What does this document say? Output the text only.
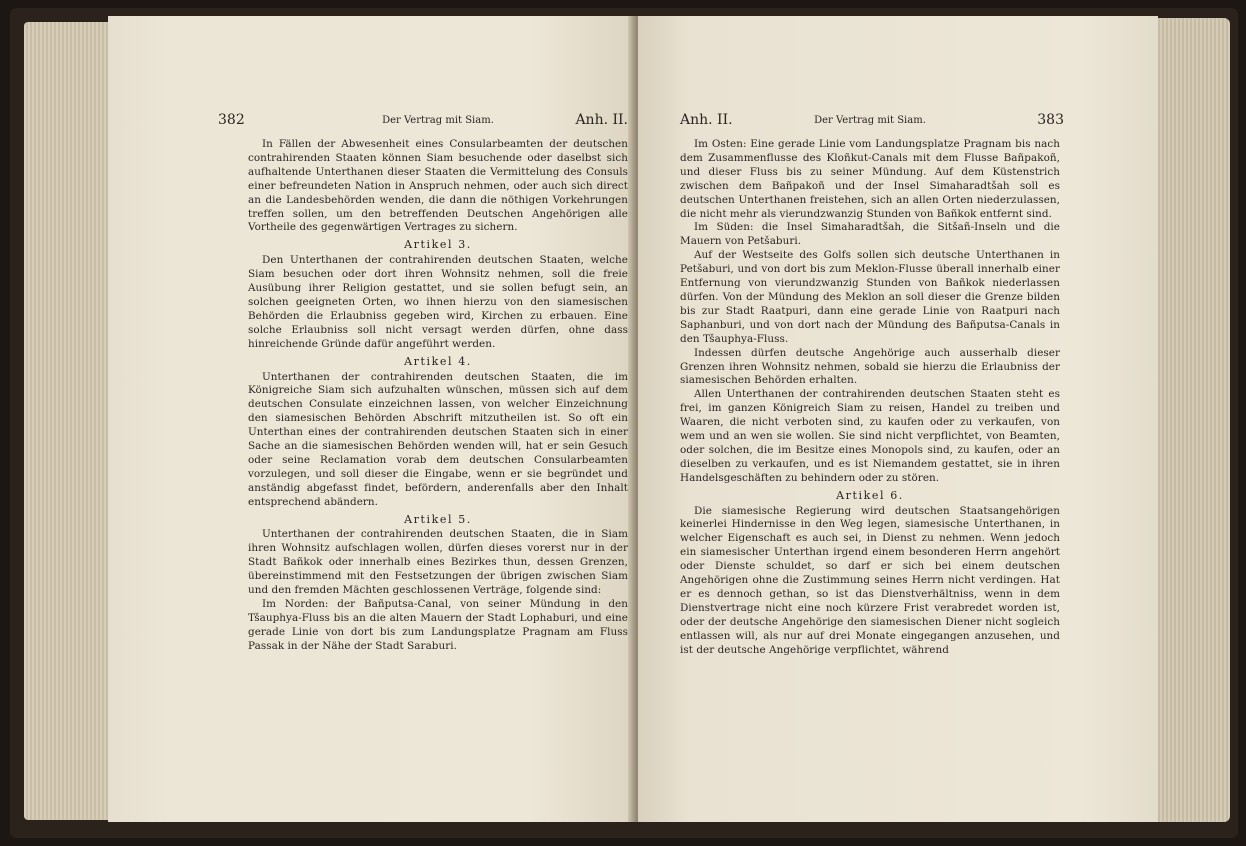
382	Der Vertrag mit Siam.	Anh. II.

In Fällen der Abwesenheit eines Consularbeamten der deutschen contrahirenden Staaten können Siam besuchende oder daselbst sich aufhaltende Unterthanen dieser Staaten die Vermittelung des Consuls einer befreundeten Nation in Anspruch nehmen, oder auch sich direct an die Landesbehörden wenden, die dann die nöthigen Vorkehrungen treffen sollen, um den betreffenden Deutschen Angehörigen alle Vortheile des gegenwärtigen Vertrages zu sichern.

Artikel 3.

Den Unterthanen der contrahirenden deutschen Staaten, welche Siam besuchen oder dort ihren Wohnsitz nehmen, soll die freie Ausübung ihrer Religion gestattet, und sie sollen befugt sein, an solchen geeigneten Orten, wo ihnen hierzu von den siamesischen Behörden die Erlaubniss gegeben wird, Kirchen zu erbauen. Eine solche Erlaubniss soll nicht versagt werden dürfen, ohne dass hinreichende Gründe dafür angeführt werden.

Artikel 4.

Unterthanen der contrahirenden deutschen Staaten, die im Königreiche Siam sich aufzuhalten wünschen, müssen sich auf dem deutschen Consulate einzeichnen lassen, von welcher Einzeichnung den siamesischen Behörden Abschrift mitzutheilen ist. So oft ein Unterthan eines der contrahirenden deutschen Staaten sich in einer Sache an die siamesischen Behörden wenden will, hat er sein Gesuch oder seine Reclamation vorab dem deutschen Consularbeamten vorzulegen, und soll dieser die Eingabe, wenn er sie begründet und anständig abgefasst findet, befördern, anderenfalls aber den Inhalt entsprechend abändern.

Artikel 5.

Unterthanen der contrahirenden deutschen Staaten, die in Siam ihren Wohnsitz aufschlagen wollen, dürfen dieses vorerst nur in der Stadt Bañkok oder innerhalb eines Bezirkes thun, dessen Grenzen, übereinstimmend mit den Festsetzungen der übrigen zwischen Siam und den fremden Mächten geschlossenen Verträge, folgende sind:

Im Norden: der Bañputsa-Canal, von seiner Mündung in den Tšauphya-Fluss bis an die alten Mauern der Stadt Lophaburi, und eine gerade Linie von dort bis zum Landungsplatze Pragnam am Fluss Passak in der Nähe der Stadt Saraburi.

Anh. II.	Der Vertrag mit Siam.	383

Im Osten: Eine gerade Linie vom Landungsplatze Pragnam bis nach dem Zusammenflusse des Kloñkut-Canals mit dem Flusse Bañpakoñ, und dieser Fluss bis zu seiner Mündung. Auf dem Küstenstrich zwischen dem Bañpakoñ und der Insel Simaharadtšah soll es deutschen Unterthanen freistehen, sich an allen Orten niederzulassen, die nicht mehr als vierundzwanzig Stunden von Bañkok entfernt sind.

Im Süden: die Insel Simaharadtšah, die Sitšañ-Inseln und die Mauern von Petšaburi.

Auf der Westseite des Golfs sollen sich deutsche Unterthanen in Petšaburi, und von dort bis zum Meklon-Flusse überall innerhalb einer Entfernung von vierundzwanzig Stunden von Bañkok niederlassen dürfen. Von der Mündung des Meklon an soll dieser die Grenze bilden bis zur Stadt Raatpuri, dann eine gerade Linie von Raatpuri nach Saphanburi, und von dort nach der Mündung des Bañputsa-Canals in den Tšauphya-Fluss.

Indessen dürfen deutsche Angehörige auch ausserhalb dieser Grenzen ihren Wohnsitz nehmen, sobald sie hierzu die Erlaubniss der siamesischen Behörden erhalten.

Allen Unterthanen der contrahirenden deutschen Staaten steht es frei, im ganzen Königreich Siam zu reisen, Handel zu treiben und Waaren, die nicht verboten sind, zu kaufen oder zu verkaufen, von wem und an wen sie wollen. Sie sind nicht verpflichtet, von Beamten, oder solchen, die im Besitze eines Monopols sind, zu kaufen, oder an dieselben zu verkaufen, und es ist Niemandem gestattet, sie in ihren Handelsgeschäften zu behindern oder zu stören.

Artikel 6.

Die siamesische Regierung wird deutschen Staatsangehörigen keinerlei Hindernisse in den Weg legen, siamesische Unterthanen, in welcher Eigenschaft es auch sei, in Dienst zu nehmen. Wenn jedoch ein siamesischer Unterthan irgend einem besonderen Herrn angehört oder Dienste schuldet, so darf er sich bei einem deutschen Angehörigen ohne die Zustimmung seines Herrn nicht verdingen. Hat er es dennoch gethan, so ist das Dienstverhältniss, wenn in dem Dienstvertrage nicht eine noch kürzere Frist verabredet worden ist, oder der deutsche Angehörige den siamesischen Diener nicht sogleich entlassen will, als nur auf drei Monate eingegangen anzusehen, und ist der deutsche Angehörige verpflichtet, während
